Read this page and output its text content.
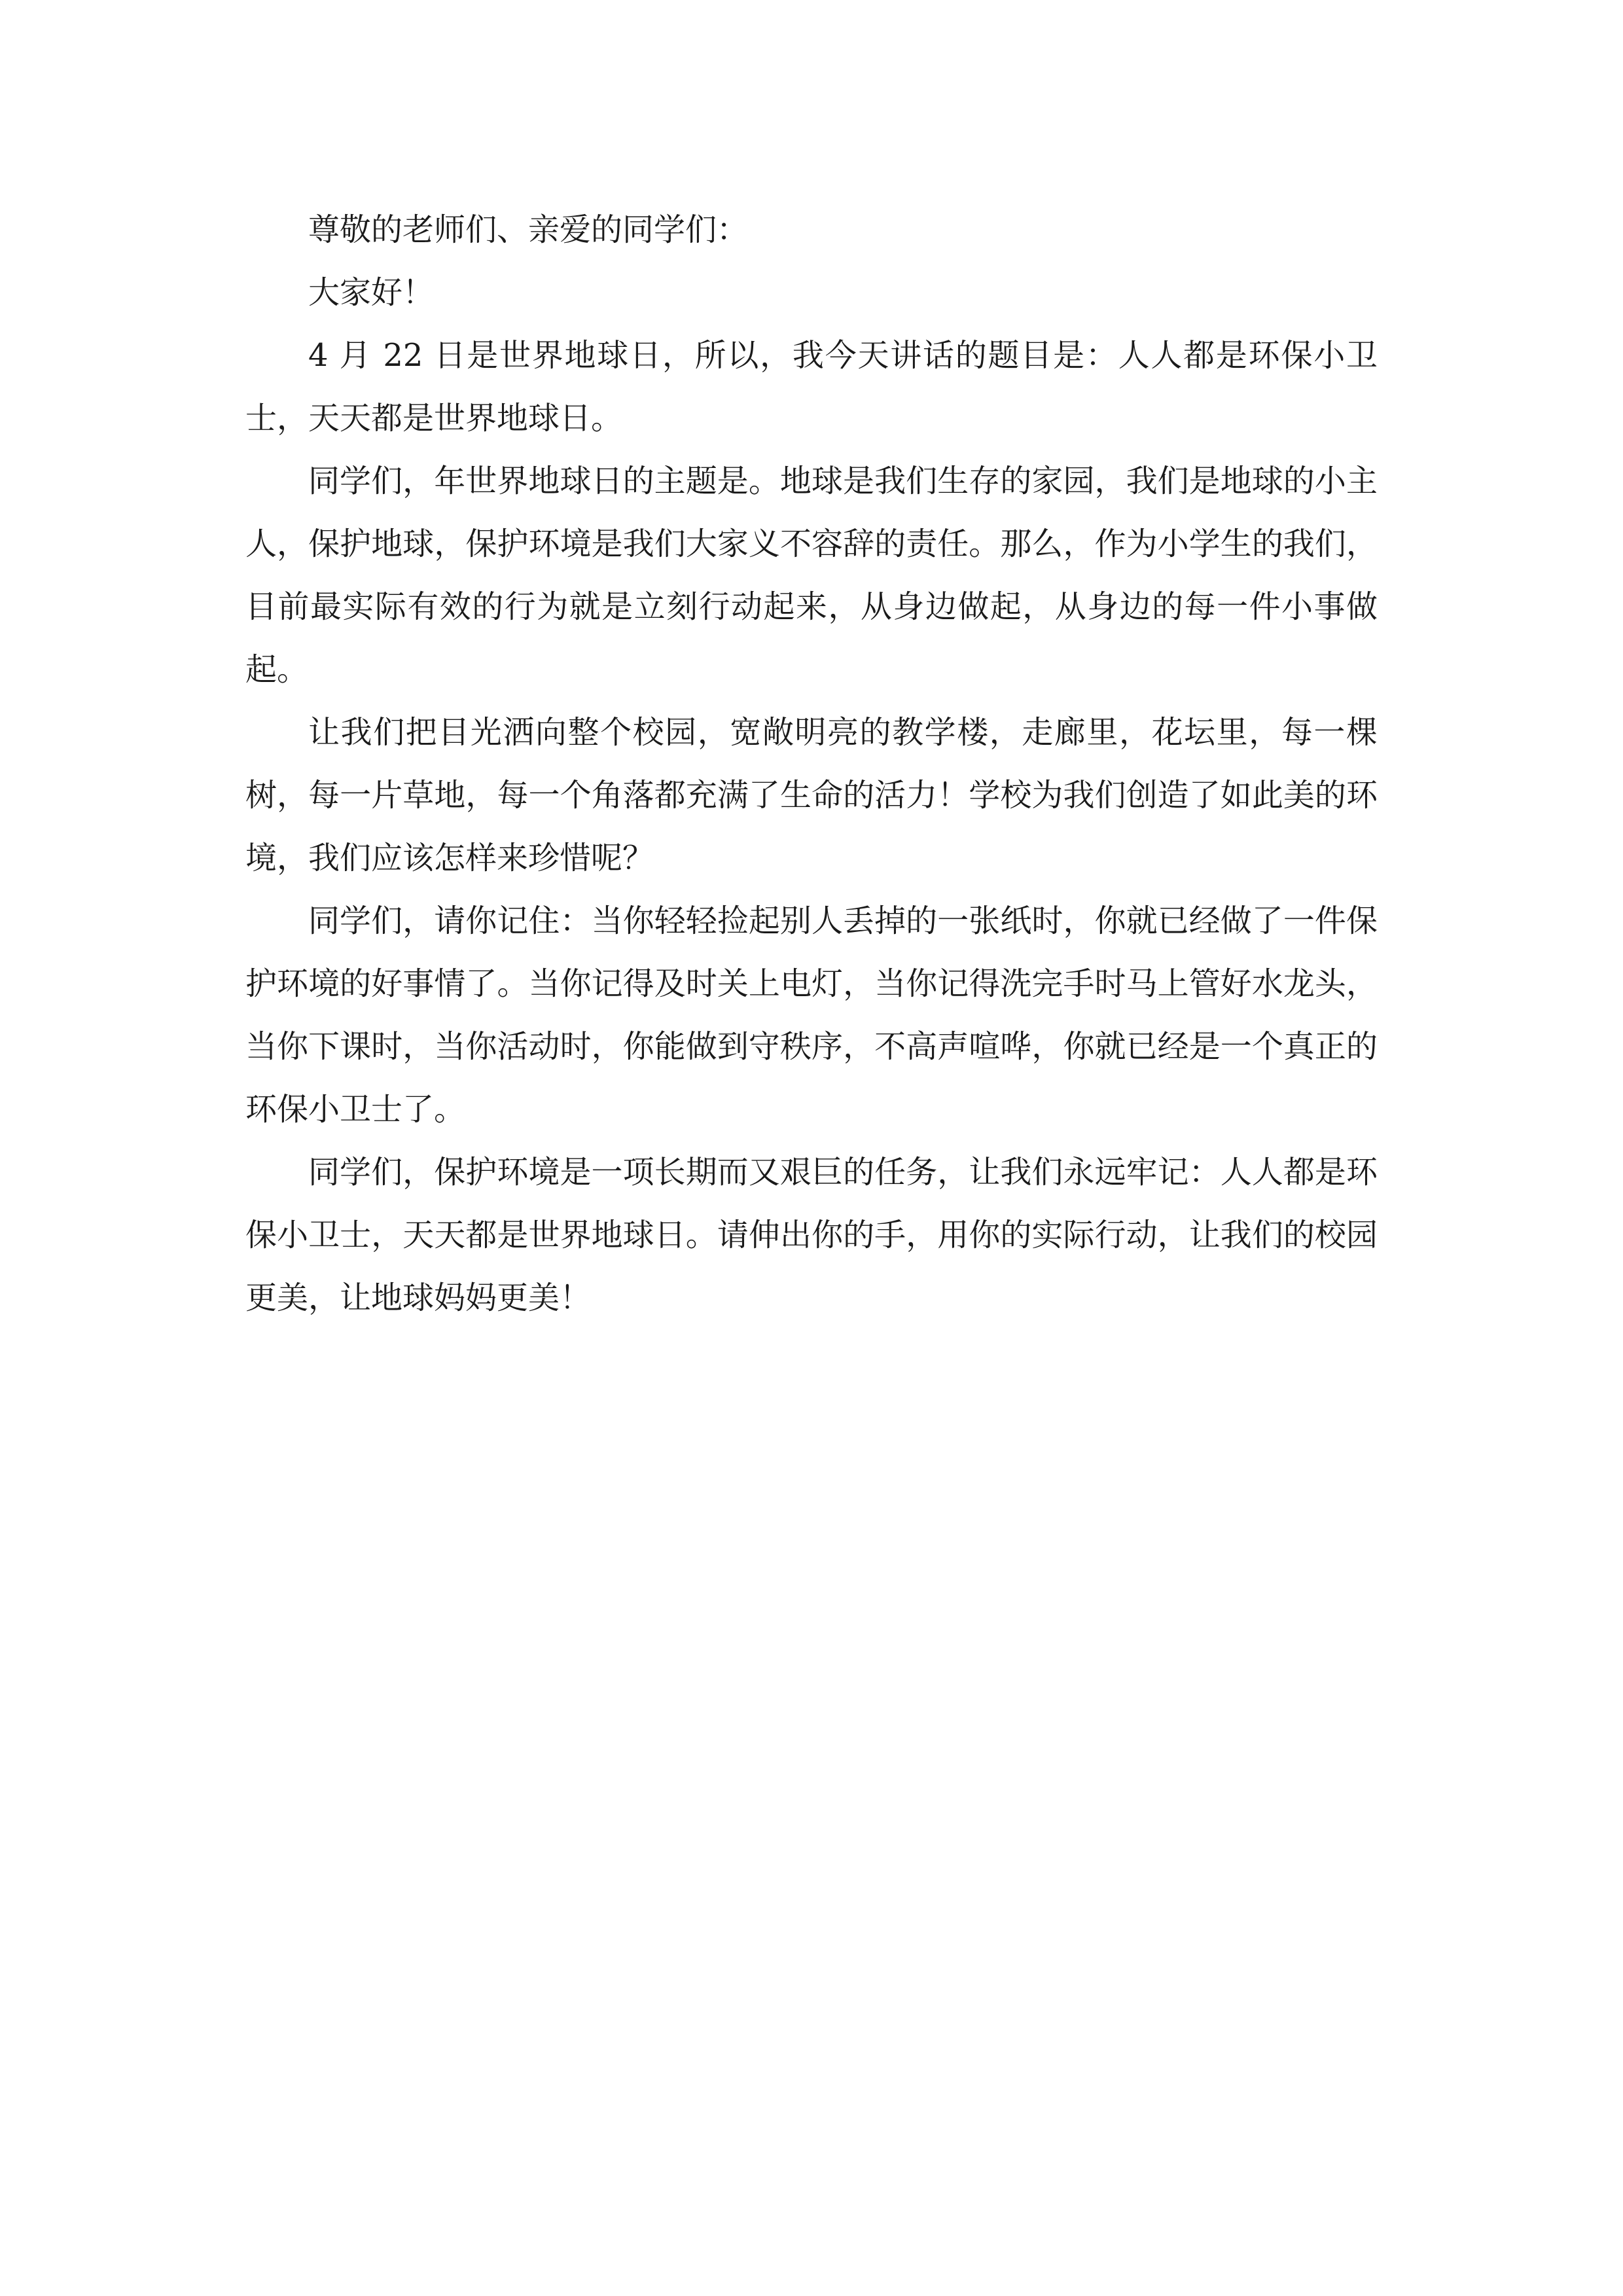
尊敬的老师们、亲爱的同学们：

大家好！

4 月 22 日是世界地球日，所以，我今天讲话的题目是：人人都是环保小卫士，天天都是世界地球日。

同学们，年世界地球日的主题是。地球是我们生存的家园，我们是地球的小主人，保护地球，保护环境是我们大家义不容辞的责任。那么，作为小学生的我们，目前最实际有效的行为就是立刻行动起来，从身边做起，从身边的每一件小事做起。

让我们把目光洒向整个校园，宽敞明亮的教学楼，走廊里，花坛里，每一棵树，每一片草地，每一个角落都充满了生命的活力！学校为我们创造了如此美的环境，我们应该怎样来珍惜呢？

同学们，请你记住：当你轻轻捡起别人丢掉的一张纸时，你就已经做了一件保护环境的好事情了。当你记得及时关上电灯，当你记得洗完手时马上管好水龙头，当你下课时，当你活动时，你能做到守秩序，不高声喧哗，你就已经是一个真正的环保小卫士了。

同学们，保护环境是一项长期而又艰巨的任务，让我们永远牢记：人人都是环保小卫士，天天都是世界地球日。请伸出你的手，用你的实际行动，让我们的校园更美，让地球妈妈更美！
